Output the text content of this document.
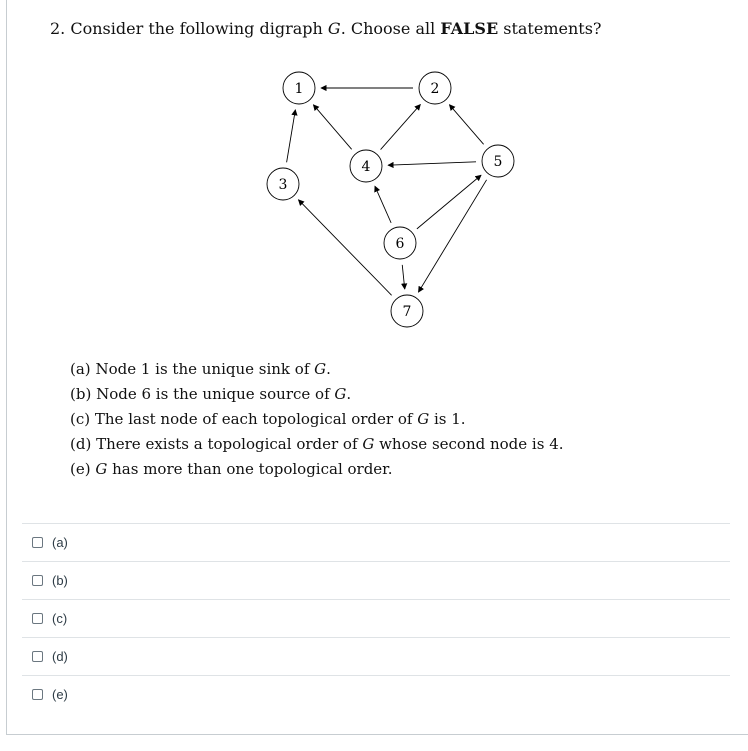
2. Consider the following digraph G. Choose all FALSE statements?
1	2
3
4	5
6
7
(a) Node 1 is the unique sink of G.
(b) Node 6 is the unique source of G.
(c) The last node of each topological order of G is 1.
(d) There exists a topological order of G whose second node is 4.
(e) G has more than one topological order.
(a)
(b)
(c)
(d)
(e)
